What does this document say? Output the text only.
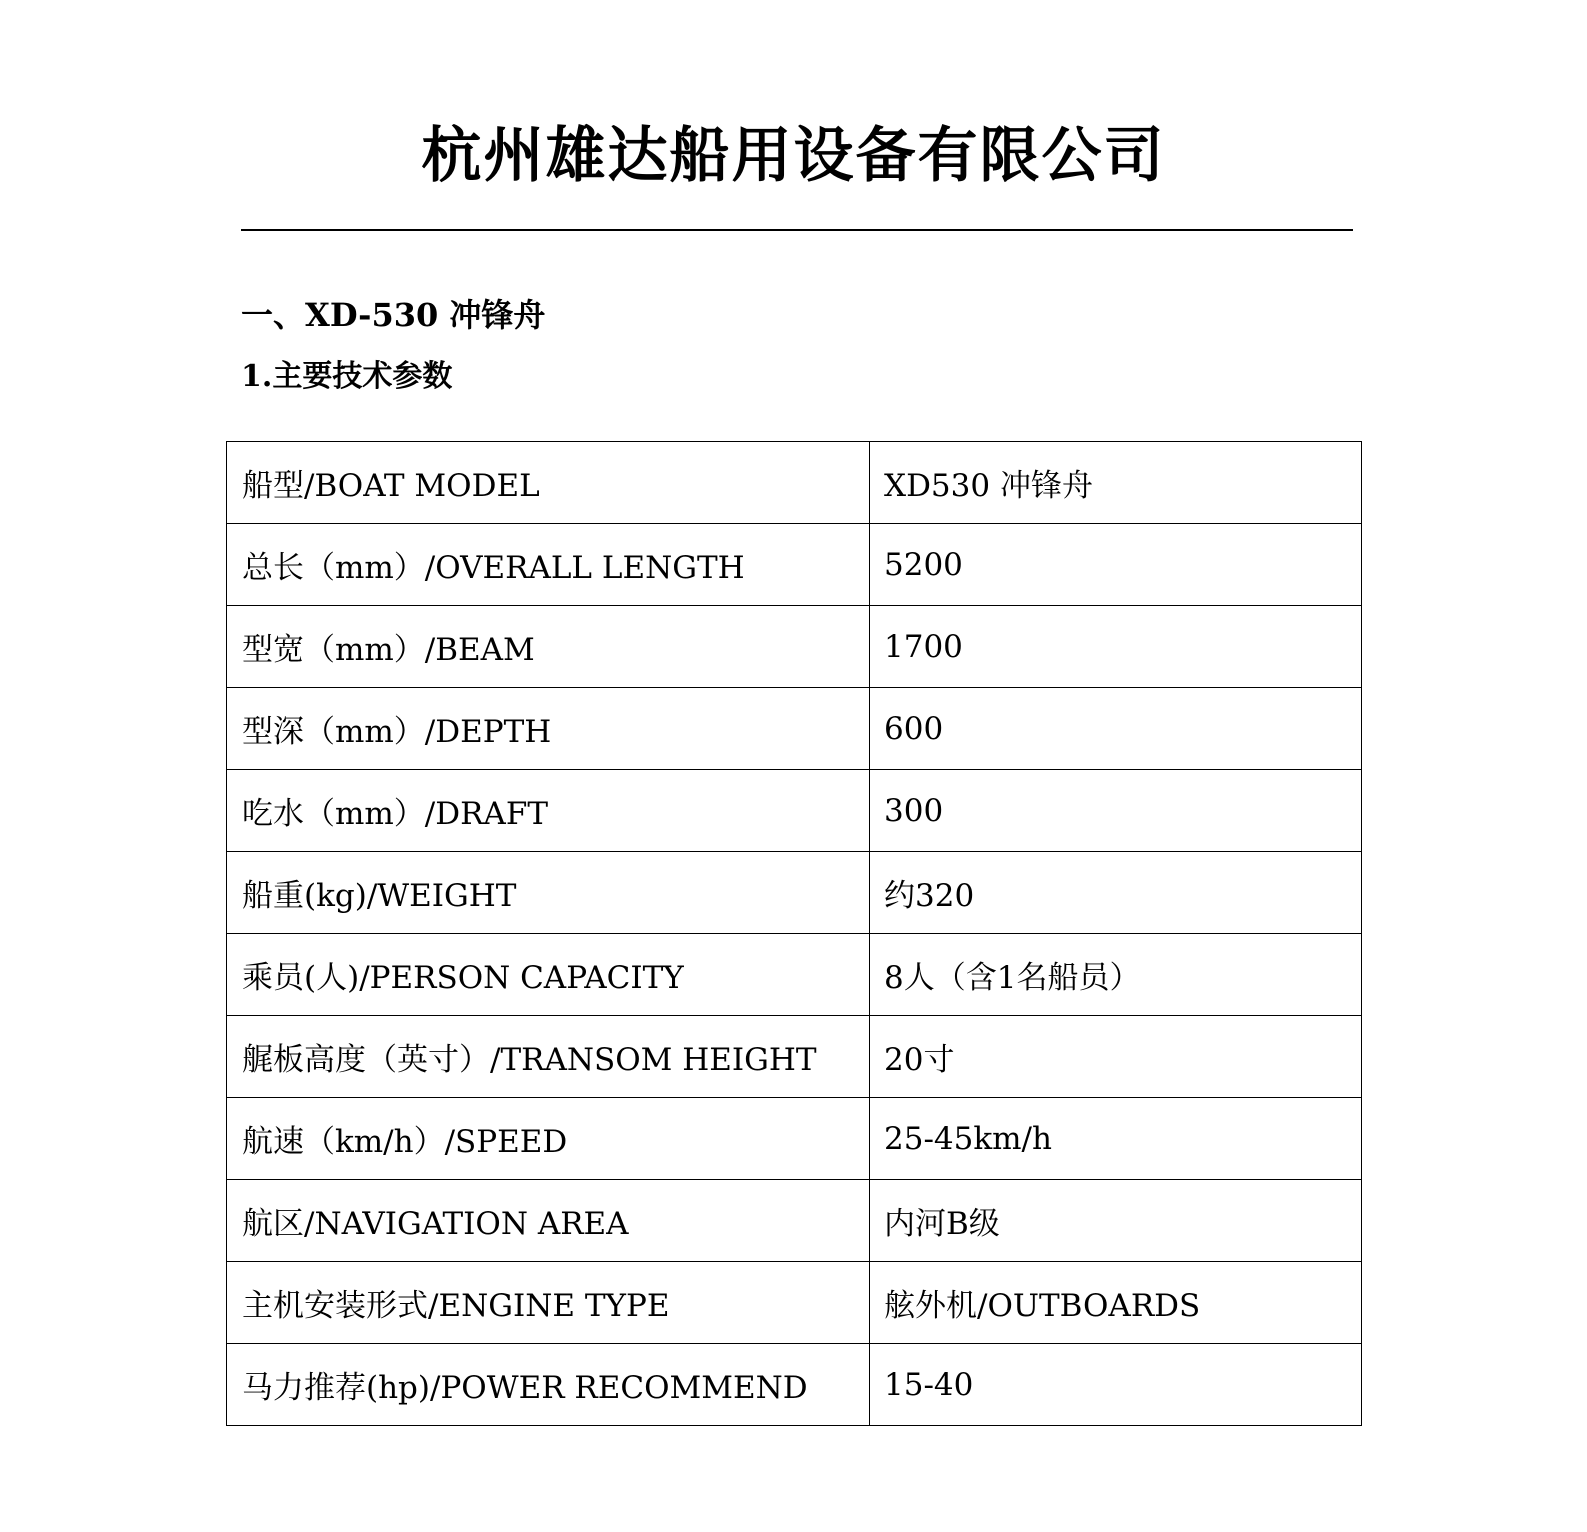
杭州雄达船用设备有限公司
一、XD-530 冲锋舟
1.主要技术参数
船型/BOAT MODEL	XD530 冲锋舟
总长（mm）/OVERALL LENGTH	5200
型宽（mm）/BEAM	1700
型深（mm）/DEPTH	600
吃水（mm）/DRAFT	300
船重(kg)/WEIGHT	约320
乘员(人)/PERSON CAPACITY	8人（含1名船员）
艉板高度（英寸）/TRANSOM HEIGHT	20寸
航速（km/h）/SPEED	25-45km/h
航区/NAVIGATION AREA	内河B级
主机安装形式/ENGINE TYPE	舷外机/OUTBOARDS
马力推荐(hp)/POWER RECOMMEND	15-40
